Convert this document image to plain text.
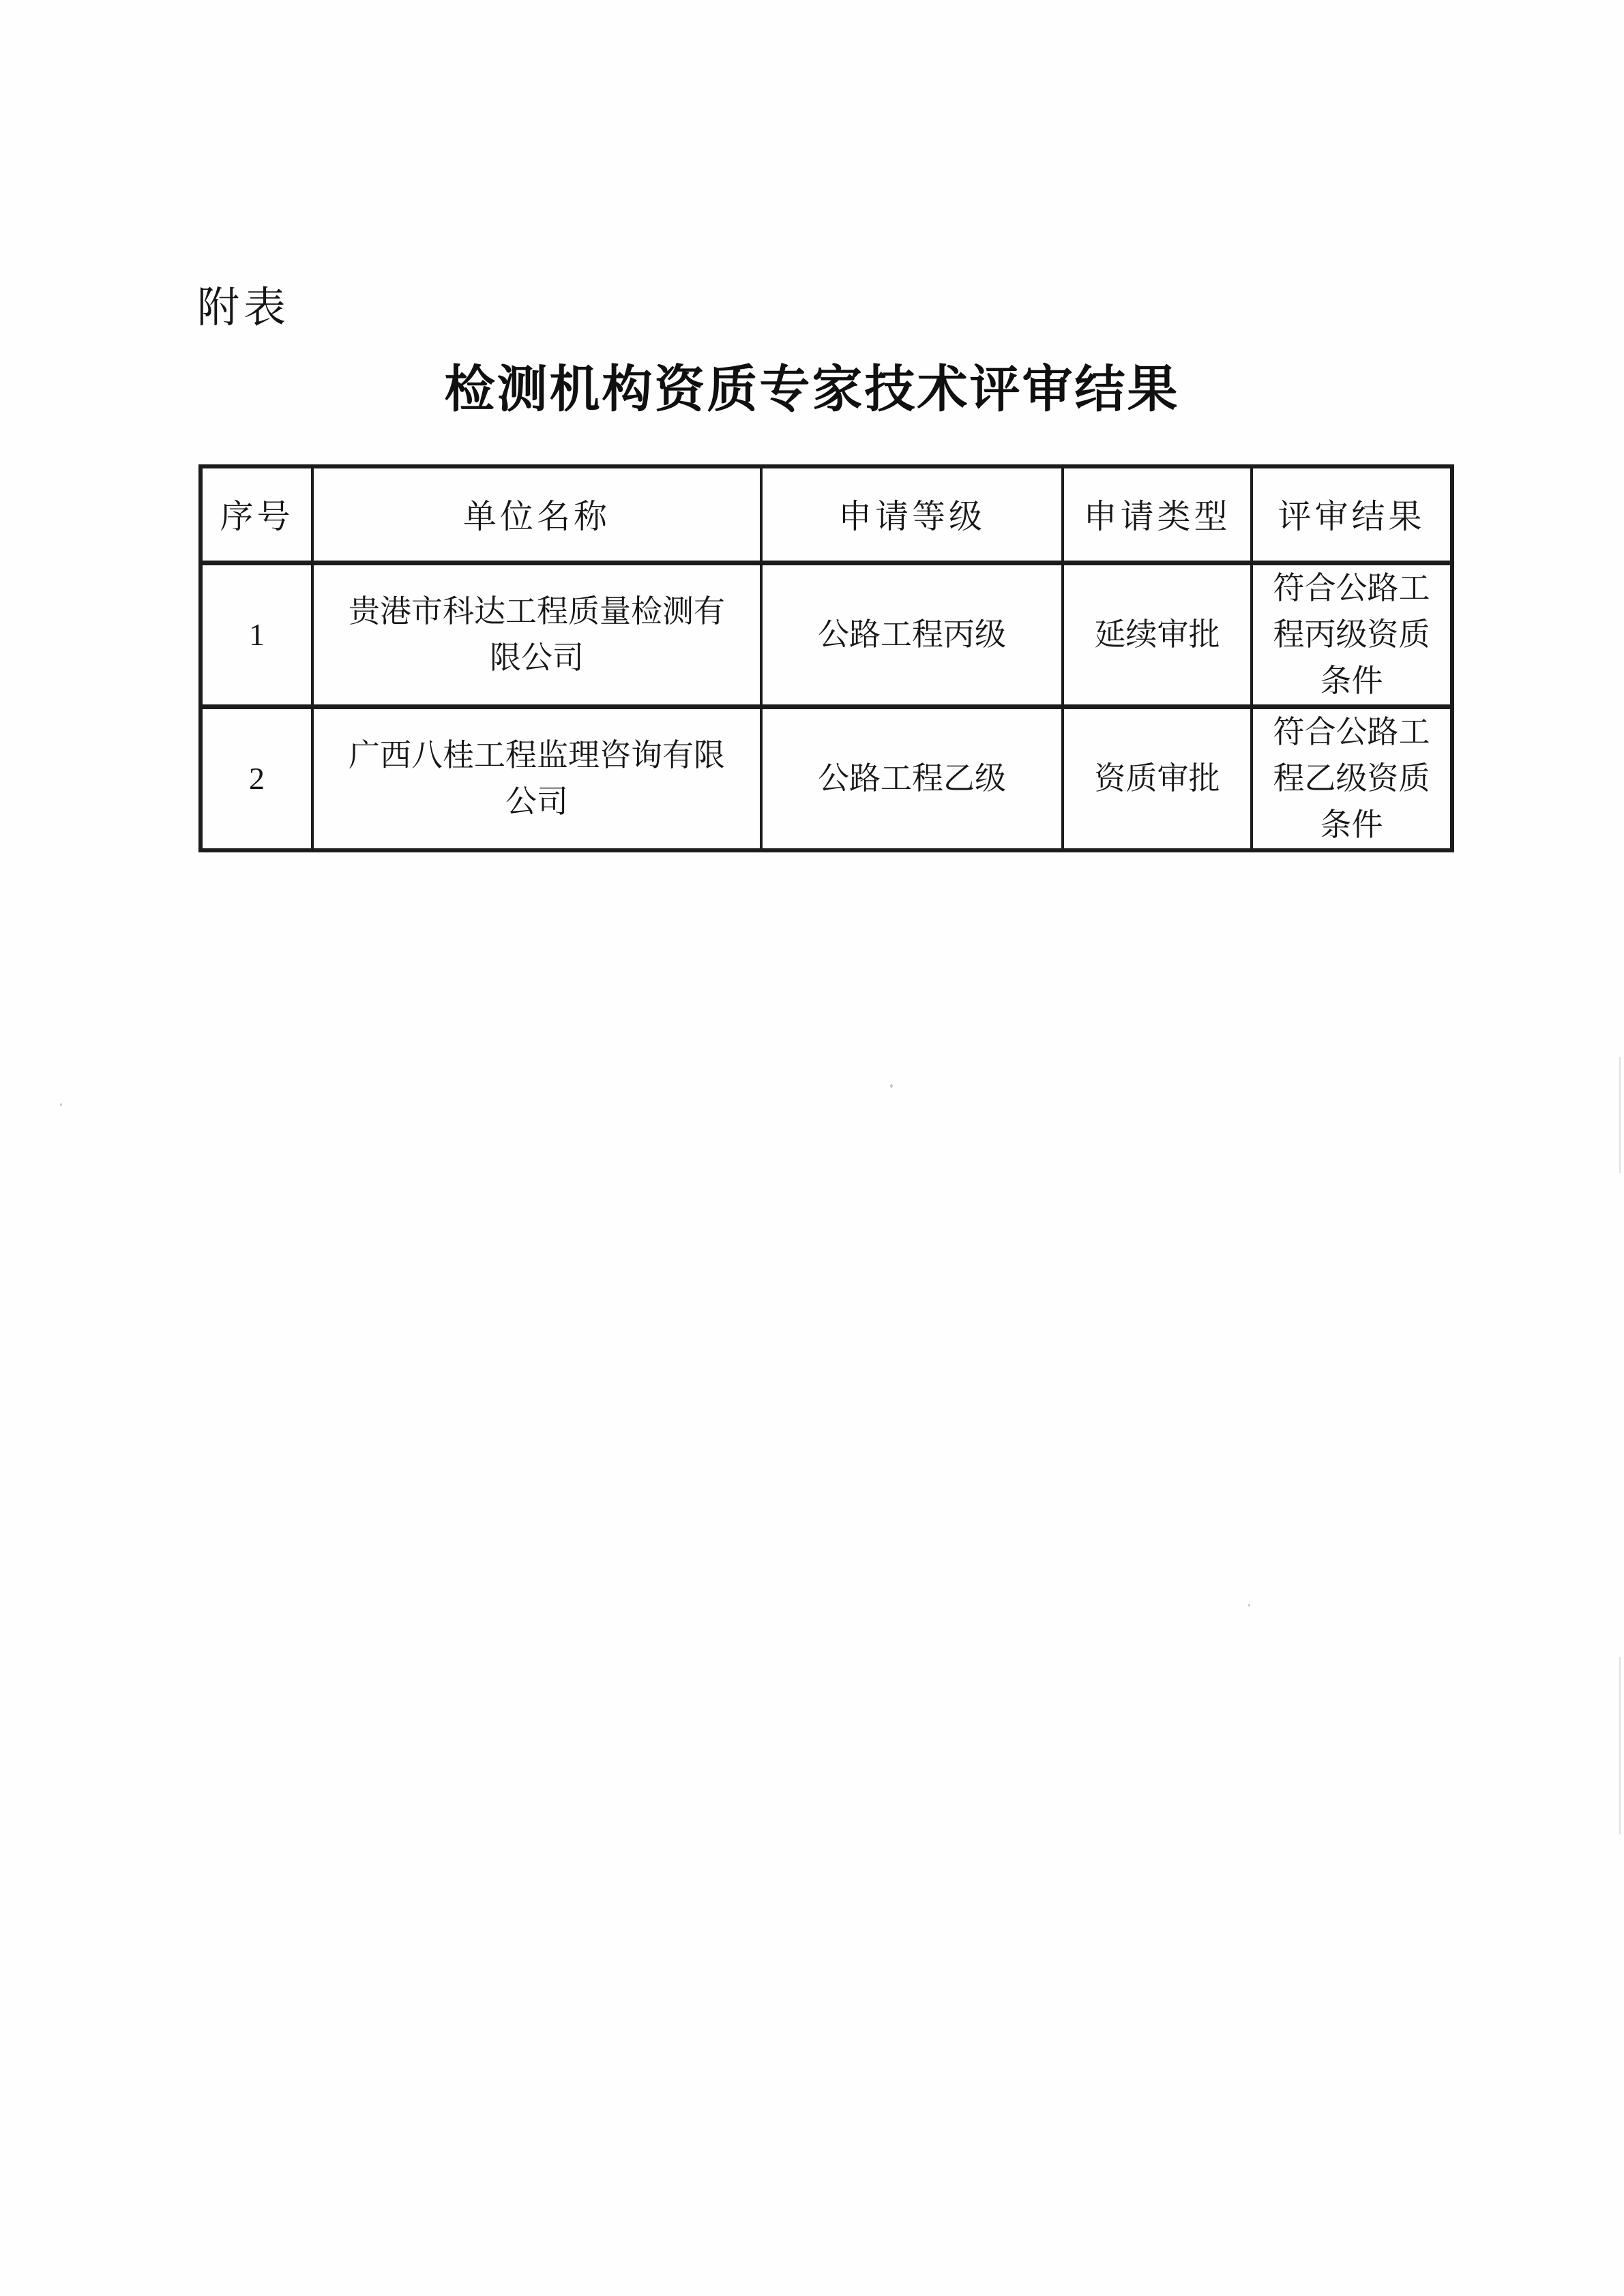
附表
检测机构资质专家技术评审结果
序号	单位名称	申请等级	申请类型	评审结果
1	贵港市科达工程质量检测有限公司	公路工程丙级	延续审批	符合公路工程丙级资质条件
2	广西八桂工程监理咨询有限公司	公路工程乙级	资质审批	符合公路工程乙级资质条件
